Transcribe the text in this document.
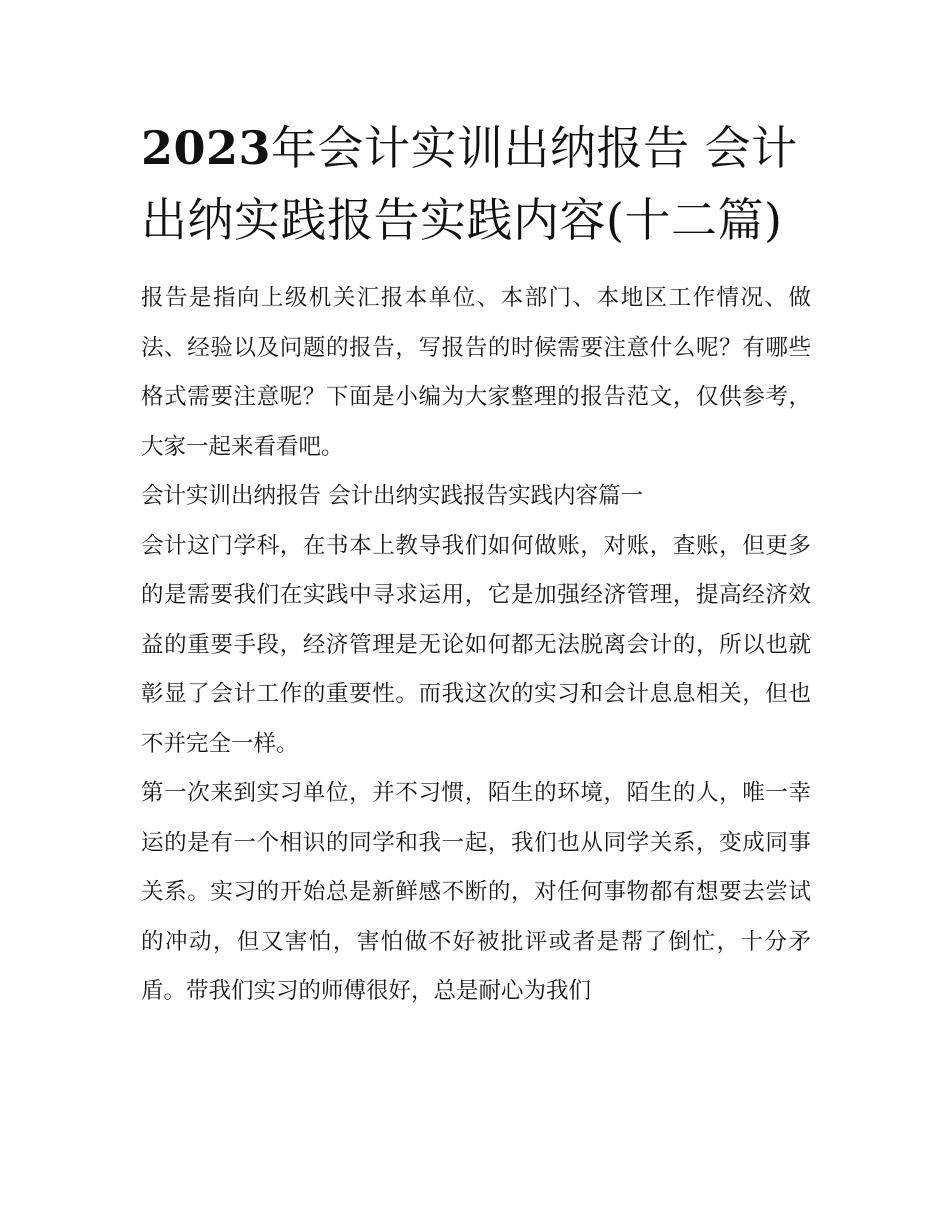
2023年会计实训出纳报告 会计出纳实践报告实践内容(十二篇)

报告是指向上级机关汇报本单位、本部门、本地区工作情况、做法、经验以及问题的报告，写报告的时候需要注意什么呢？有哪些格式需要注意呢？下面是小编为大家整理的报告范文，仅供参考，大家一起来看看吧。

会计实训出纳报告 会计出纳实践报告实践内容篇一

会计这门学科，在书本上教导我们如何做账，对账，查账，但更多的是需要我们在实践中寻求运用，它是加强经济管理，提高经济效益的重要手段，经济管理是无论如何都无法脱离会计的，所以也就彰显了会计工作的重要性。而我这次的实习和会计息息相关，但也不并完全一样。

第一次来到实习单位，并不习惯，陌生的环境，陌生的人，唯一幸运的是有一个相识的同学和我一起，我们也从同学关系，变成同事关系。实习的开始总是新鲜感不断的，对任何事物都有想要去尝试的冲动，但又害怕，害怕做不好被批评或者是帮了倒忙，十分矛盾。带我们实习的师傅很好，总是耐心为我们
